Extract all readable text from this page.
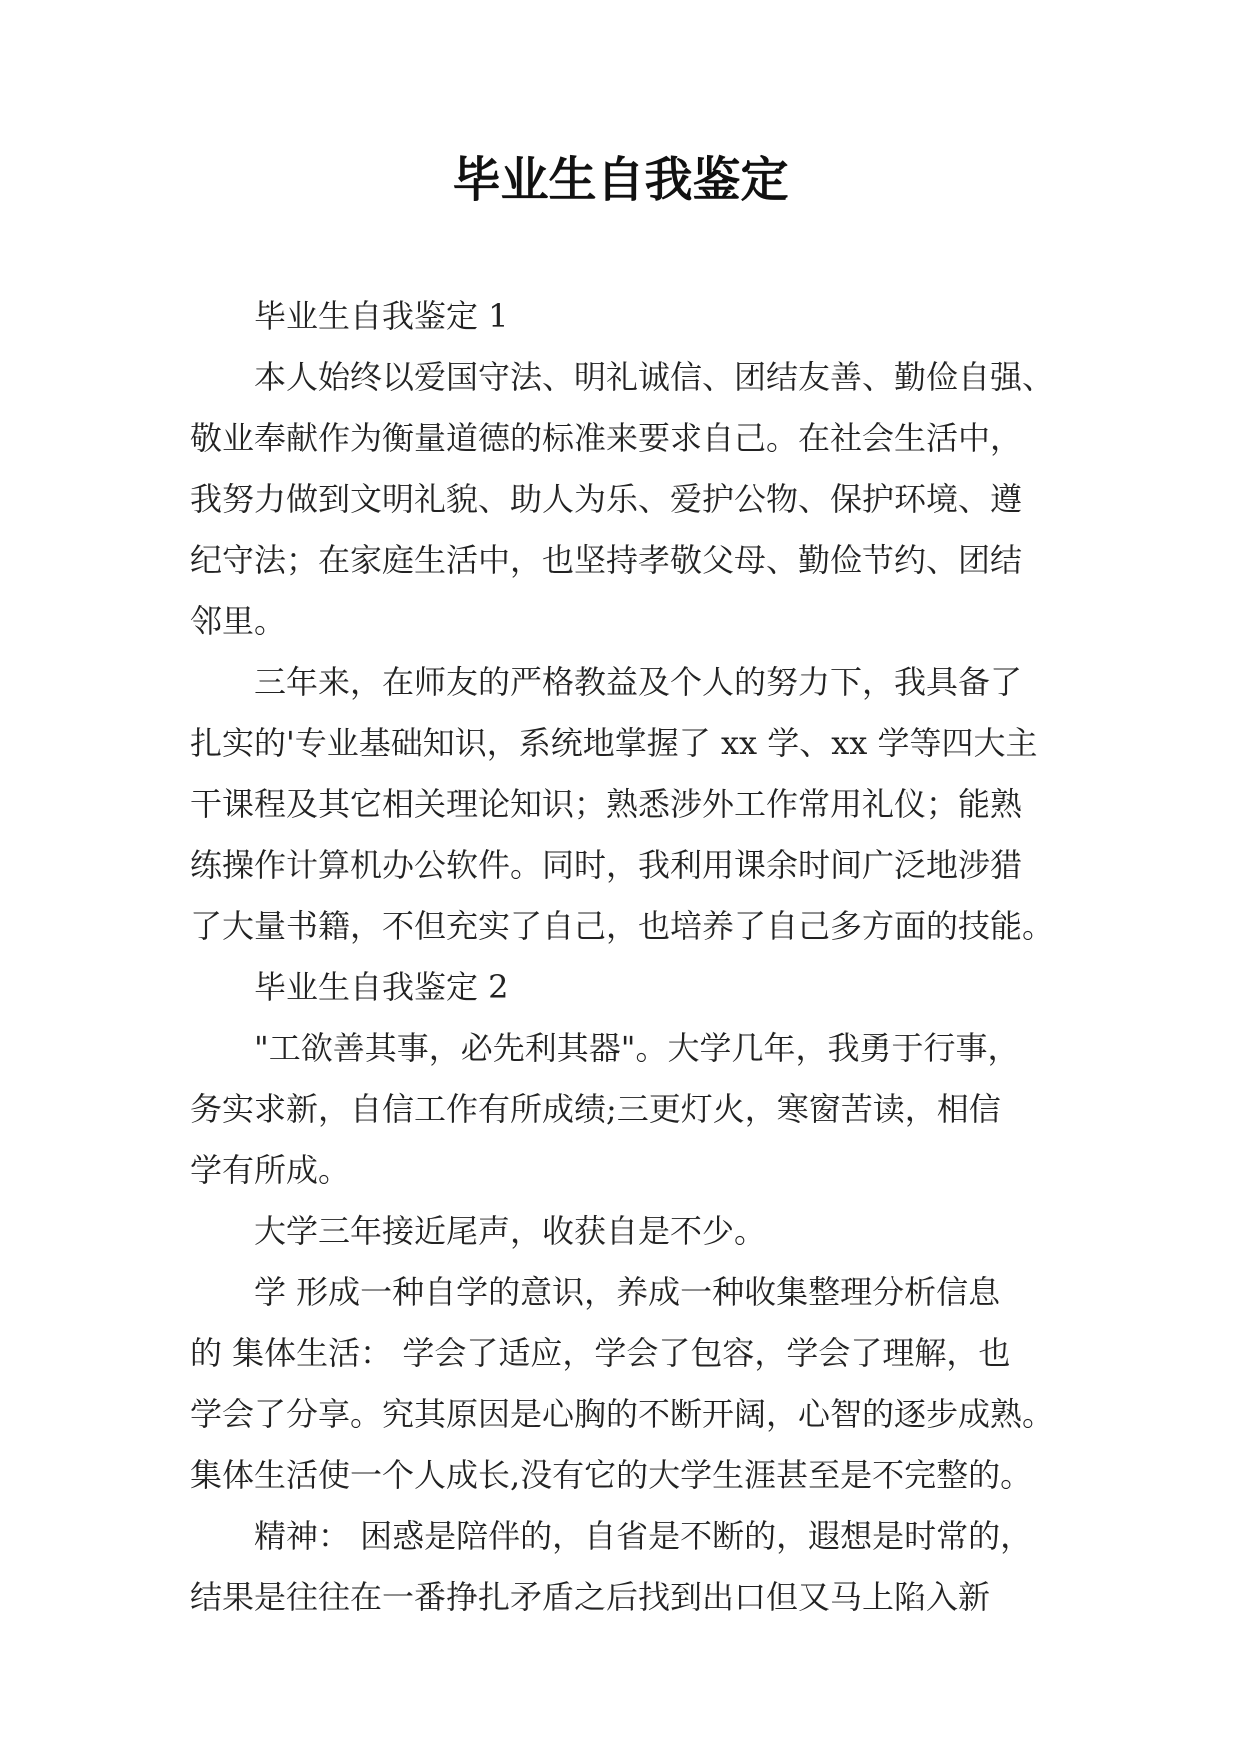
毕业生自我鉴定
毕业生自我鉴定 1
本人始终以爱国守法、明礼诚信、团结友善、勤俭自强、
敬业奉献作为衡量道德的标准来要求自己。在社会生活中，
我努力做到文明礼貌、助人为乐、爱护公物、保护环境、遵
纪守法；在家庭生活中，也坚持孝敬父母、勤俭节约、团结
邻里。
三年来，在师友的严格教益及个人的努力下，我具备了
扎实的'专业基础知识，系统地掌握了 xx 学、xx 学等四大主
干课程及其它相关理论知识；熟悉涉外工作常用礼仪；能熟
练操作计算机办公软件。同时，我利用课余时间广泛地涉猎
了大量书籍，不但充实了自己，也培养了自己多方面的技能。
毕业生自我鉴定 2
"工欲善其事，必先利其器"。大学几年，我勇于行事，
务实求新，自信工作有所成绩;三更灯火，寒窗苦读，相信
学有所成。
大学三年接近尾声，收获自是不少。
学 形成一种自学的意识，养成一种收集整理分析信息
的 集体生活： 学会了适应，学会了包容，学会了理解，也
学会了分享。究其原因是心胸的不断开阔，心智的逐步成熟。
集体生活使一个人成长,没有它的大学生涯甚至是不完整的。
精神： 困惑是陪伴的，自省是不断的，遐想是时常的，
结果是往往在一番挣扎矛盾之后找到出口但又马上陷入新
